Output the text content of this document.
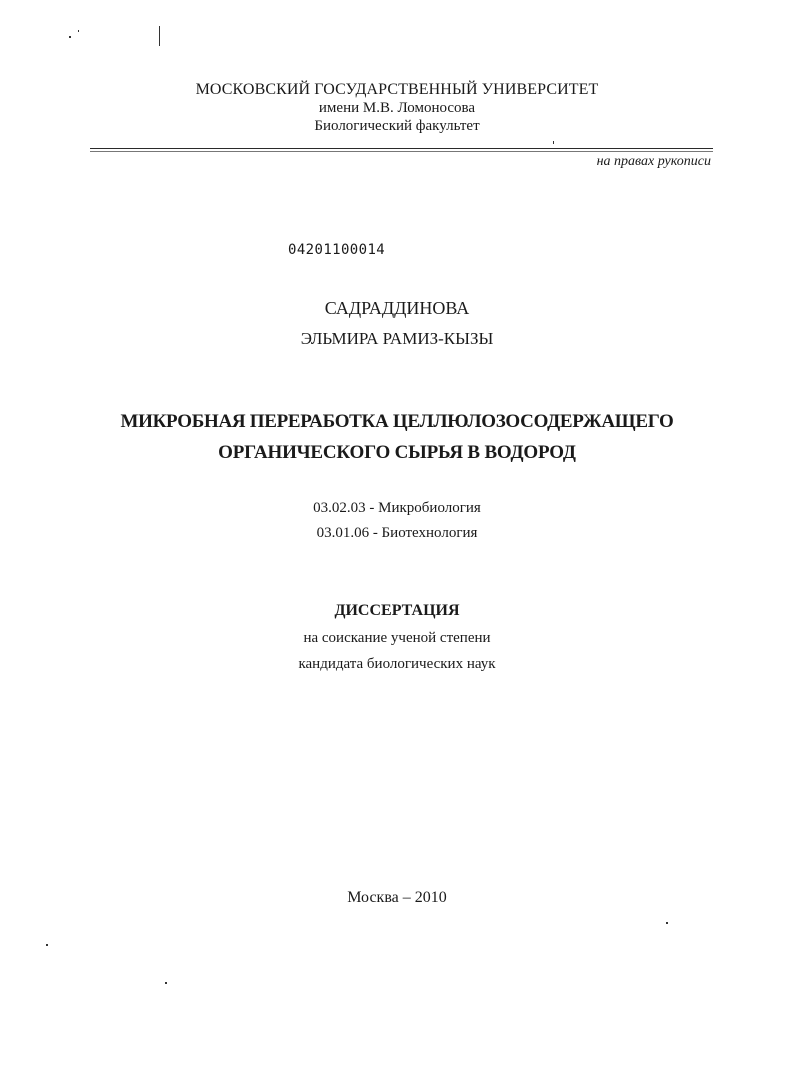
МОСКОВСКИЙ ГОСУДАРСТВЕННЫЙ УНИВЕРСИТЕТ
имени М.В. Ломоносова
Биологический факультет
на правах рукописи
04201100014
САДРАДДИНОВА
ЭЛЬМИРА РАМИЗ-КЫЗЫ
МИКРОБНАЯ ПЕРЕРАБОТКА ЦЕЛЛЮЛОЗОСОДЕРЖАЩЕГО
ОРГАНИЧЕСКОГО СЫРЬЯ В ВОДОРОД
03.02.03 - Микробиология
03.01.06 - Биотехнология
ДИССЕРТАЦИЯ
на соискание ученой степени
кандидата биологических наук
Москва – 2010
